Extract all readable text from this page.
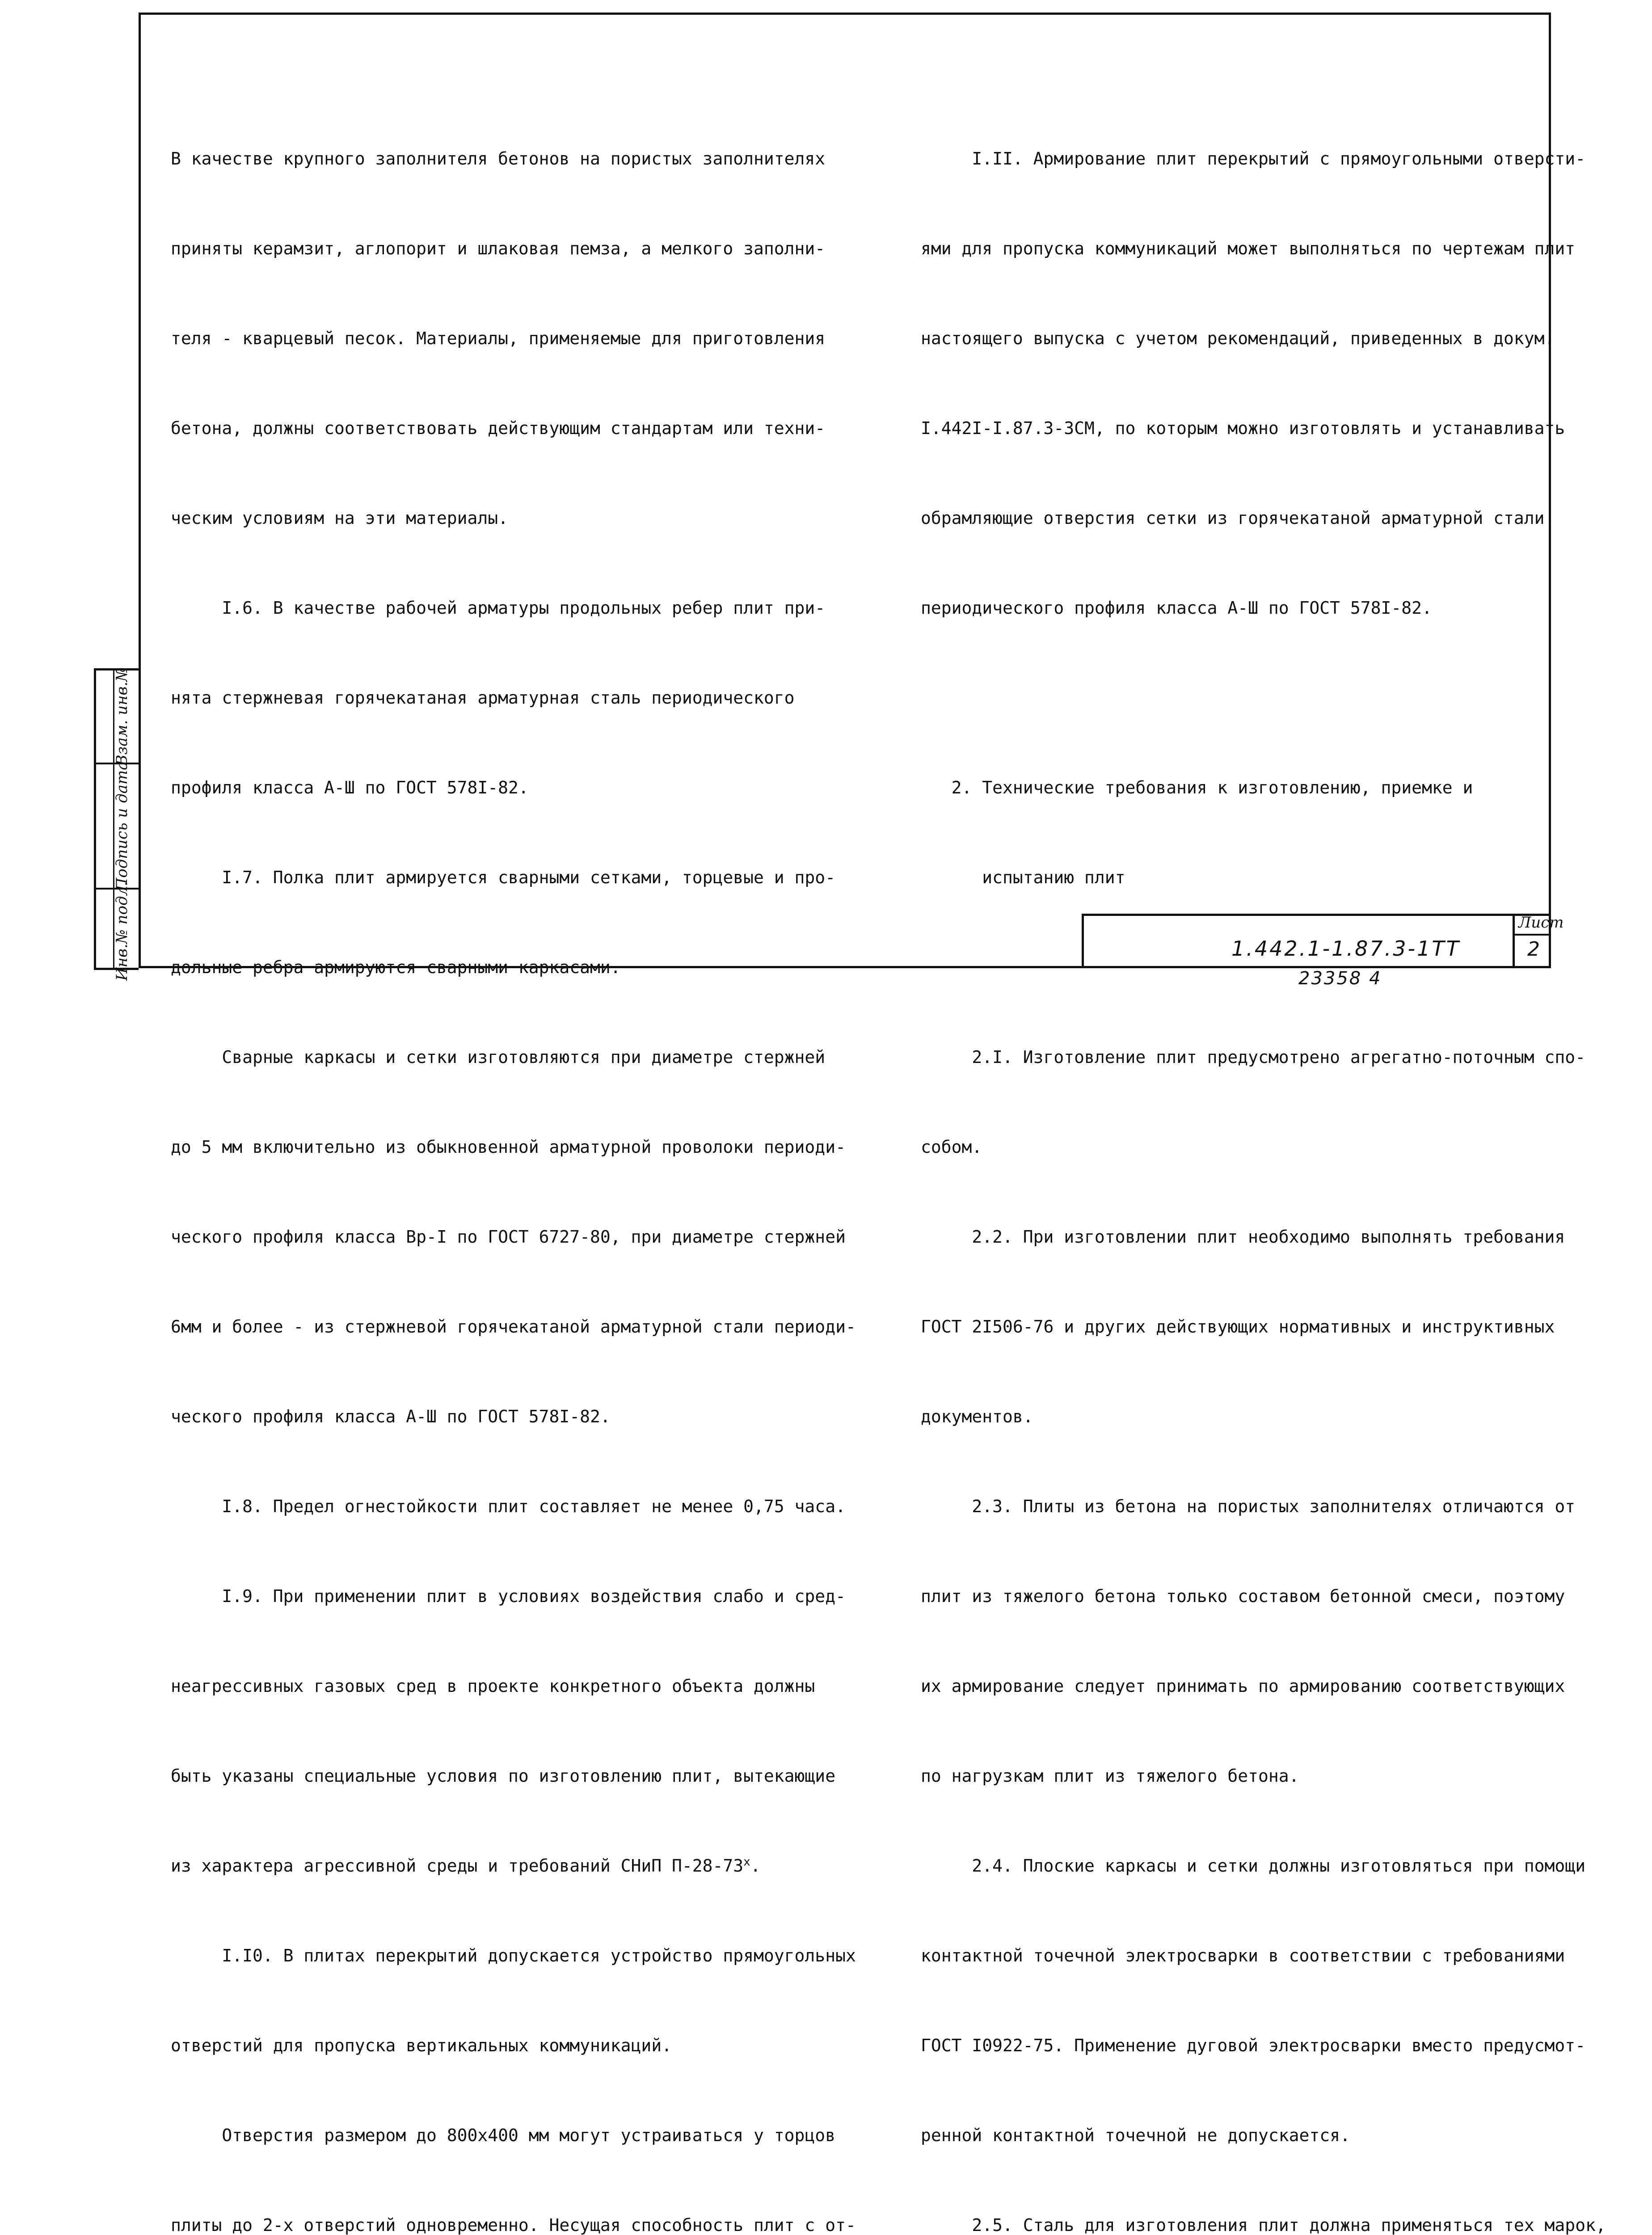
В качестве крупного заполнителя бетонов на пористых заполнителях

приняты керамзит, аглопорит и шлаковая пемза, а мелкого заполни-

теля - кварцевый песок. Материалы, применяемые для приготовления

бетона, должны соответствовать действующим стандартам или техни-

ческим условиям на эти материалы.

I.6. В качестве рабочей арматуры продольных ребер плит при-

нята стержневая горячекатаная арматурная сталь периодического

профиля класса А-Ш по ГОСТ 578I-82.

I.7. Полка плит армируется сварными сетками, торцевые и про-

дольные ребра армируются сварными каркасами.

Сварные каркасы и сетки изготовляются при диаметре стержней

до 5 мм включительно из обыкновенной арматурной проволоки периоди-

ческого профиля класса Вр-I по ГОСТ 6727-80, при диаметре стержней

6мм и более - из стержневой горячекатаной арматурной стали периоди-

ческого профиля класса А-Ш по ГОСТ 578I-82.

I.8. Предел огнестойкости плит составляет не менее 0,75 часа.

I.9. При применении плит в условиях воздействия слабо и сред-

неагрессивных газовых сред в проекте конкретного объекта должны

быть указаны специальные условия по изготовлению плит, вытекающие

из характера агрессивной среды и требований СНиП $П-28-73^х$.

I.I0. В плитах перекрытий допускается устройство прямоугольных

отверстий для пропуска вертикальных коммуникаций.

Отверстия размером до 800х400 мм могут устраиваться у торцов

плиты до 2-х отверстий одновременно. Несущая способность плит с от-

I.II. Армирование плит перекрытий с прямоугольными отверсти-

ями для пропуска коммуникаций может выполняться по чертежам плит

настоящего выпуска с учетом рекомендаций, приведенных в докум.

I.442I-I.87.3-3СМ, по которым можно изготовлять и устанавливать

обрамляющие отверстия сетки из горячекатаной арматурной стали

периодического профиля класса А-Ш по ГОСТ 578I-82.

2. Технические требования к изготовлению, приемке и

испытанию плит

2.I. Изготовление плит предусмотрено агрегатно-поточным спо-

собом.

2.2. При изготовлении плит необходимо выполнять требования

ГОСТ 2I506-76 и других действующих нормативных и инструктивных

документов.

2.3. Плиты из бетона на пористых заполнителях отличаются от

плит из тяжелого бетона только составом бетонной смеси, поэтому

их армирование следует принимать по армированию соответствующих

по нагрузкам плит из тяжелого бетона.

2.4. Плоские каркасы и сетки должны изготовляться при помощи

контактной точечной электросварки в соответствии с требованиями

ГОСТ I0922-75. Применение дуговой электросварки вместо предусмот-

ренной контактной точечной не допускается.

2.5. Сталь для изготовления плит должна применяться тех марок,

Взам. инв.№
Подпись и дата
Инв.№ подл.	1.442.1-1.87.3-1ТТ
Лист
2
23358 4
